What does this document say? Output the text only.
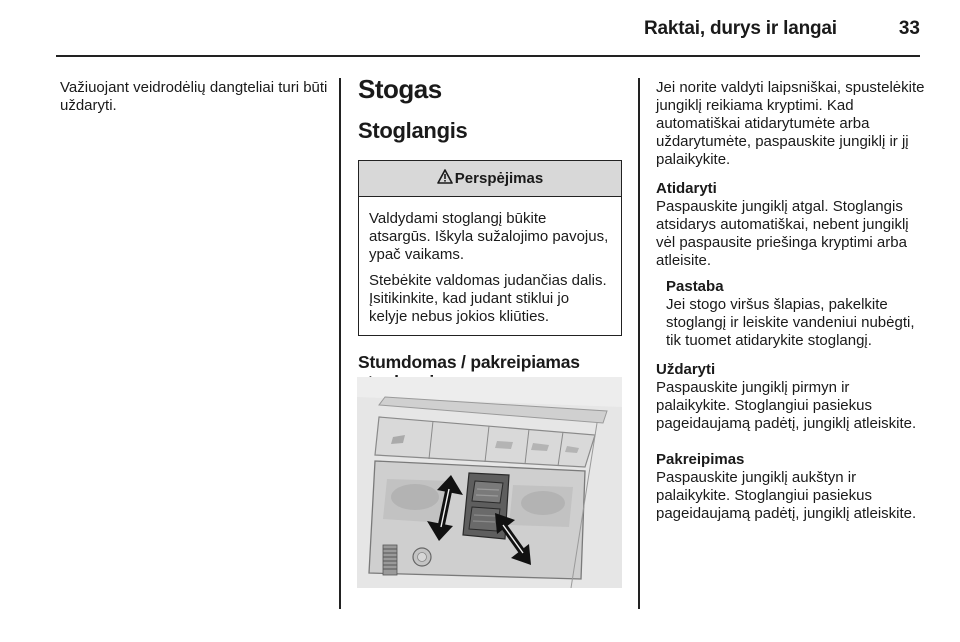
Raktai, durys ir langai	33

Važiuojant veidrodėlių dangteliai turi būti uždaryti.

Stogas
Stoglangis
Perspėjimas

Valdydami stoglangį būkite atsargūs. Iškyla sužalojimo pavojus, ypač vaikams.

Stebėkite valdomas judančias dalis. Įsitikinkite, kad judant stiklui jo kelyje nebus jokios kliūties.

Stumdomas / pakreipiamas

Jei norite valdyti laipsniškai, spustelėkite jungiklį reikiama kryptimi. Kad automatiškai atidarytumėte arba uždarytumėte, paspauskite jungiklį ir jį palaikykite.

Atidaryti

Paspauskite jungiklį atgal. Stoglangis atsidarys automatiškai, nebent jungiklį vėl paspausite priešinga kryptimi arba atleisite.

Pastaba

Jei stogo viršus šlapias, pakelkite stoglangį ir leiskite vandeniui nubėgti, tik tuomet atidarykite stoglangį.

Uždaryti

Paspauskite jungiklį pirmyn ir palaikykite. Stoglangiui pasiekus pageidaujamą padėtį, jungiklį atleiskite.

Pakreipimas

Paspauskite jungiklį aukštyn ir palaikykite. Stoglangiui pasiekus pageidaujamą padėtį, jungiklį atleiskite.
